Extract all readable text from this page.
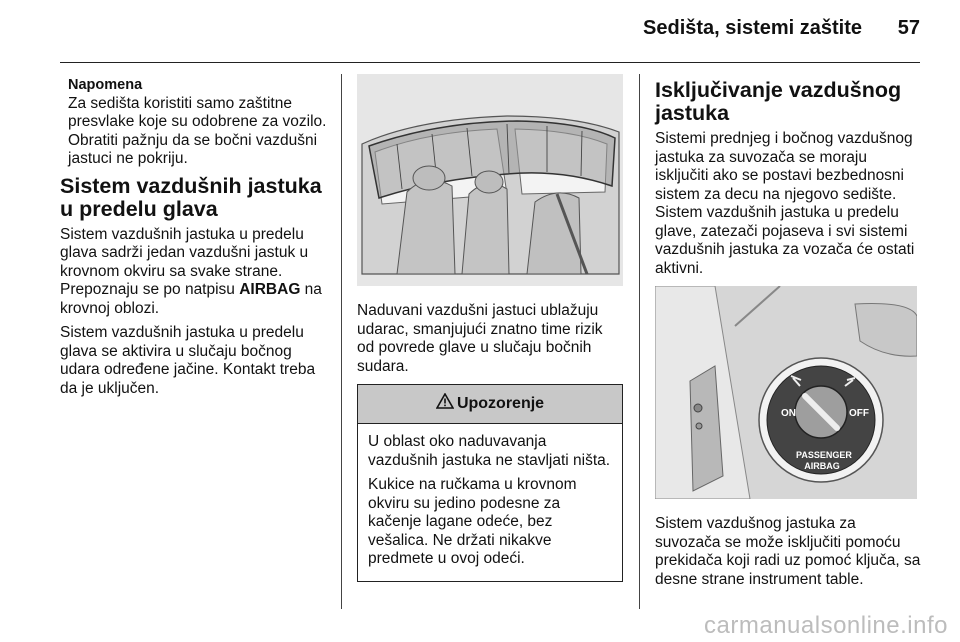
Sedišta, sistemi zaštite 57

Napomena

Za sedišta koristiti samo zaštitne presvlake koje su odobrene za vozilo. Obratiti pažnju da se bočni vazdušni jastuci ne pokriju.

Sistem vazdušnih jastuka u predelu glava

Sistem vazdušnih jastuka u predelu glava sadrži jedan vazdušni jastuk u krovnom okviru sa svake strane. Prepoznaju se po natpisu AIRBAG na krovnoj oblozi.

Sistem vazdušnih jastuka u predelu glava se aktivira u slučaju bočnog udara određene jačine. Kontakt treba da je uključen.

Naduvani vazdušni jastuci ublažuju udarac, smanjujući znatno time rizik od povrede glave u slučaju bočnih sudara.

Upozorenje

U oblast oko naduvavanja vazdušnih jastuka ne stavljati ništa.

Kukice na ručkama u krovnom okviru su jedino podesne za kačenje lagane odeće, bez vešalica. Ne držati nikakve predmete u ovoj odeći.

Isključivanje vazdušnog jastuka

Sistemi prednjeg i bočnog vazdušnog jastuka za suvozača se moraju isključiti ako se postavi bezbednosni sistem za decu na njegovo sedište. Sistem vazdušnih jastuka u predelu glave, zatezači pojaseva i svi sistemi vazdušnih jastuka za vozača će ostati aktivni.

ON	OFF
PASSENGER
AIRBAG

Sistem vazdušnog jastuka za suvozača se može isključiti pomoću prekidača koji radi uz pomoć ključa, sa desne strane instrument table.

carmanualsonline.info
